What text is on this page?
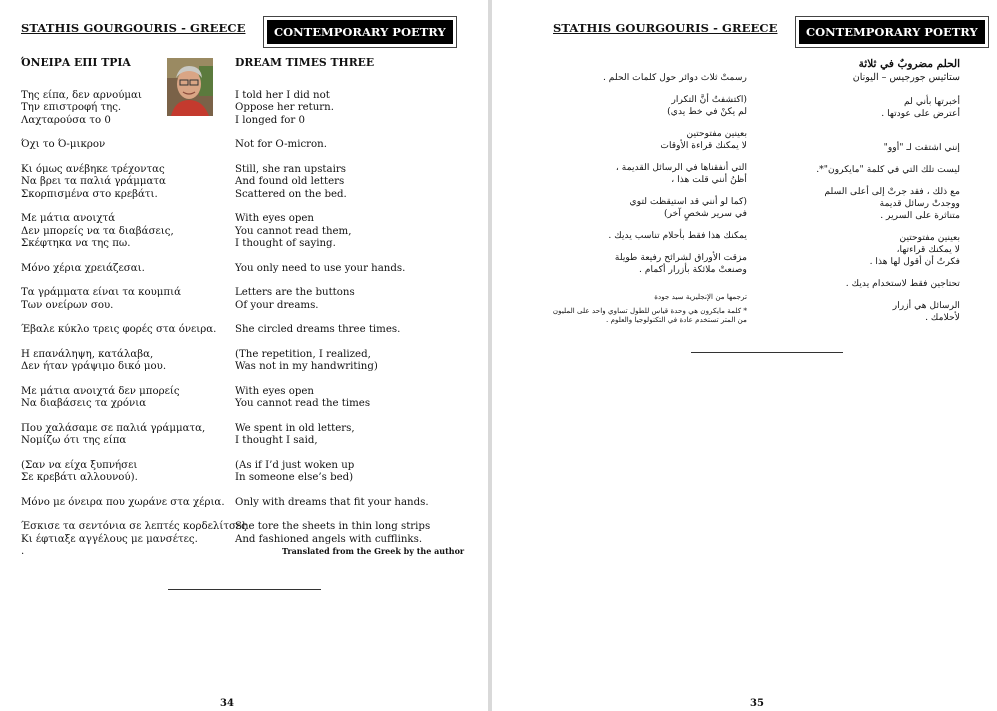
STATHIS GOURGOURIS - GREECE	CONTEMPORARY POETRY
ΌΝΕΙΡΑ ΕΠΙ ΤΡΙΑ
Της είπα, δεν αρνούμαι
Την επιστροφή της.
Λαχταρούσα το 0
Όχι το Ό-μικρον
Κι όμως ανέβηκε τρέχοντας
Να βρει τα παλιά γράμματα
Σκορπισμένα στο κρεβάτι.
Με μάτια ανοιχτά
Δεν μπορείς να τα διαβάσεις,
Σκέφτηκα να της πω.
Μόνο χέρια χρειάζεσαι.
Τα γράμματα είναι τα κουμπιά
Των ονείρων σου.
Έβαλε κύκλο τρεις φορές στα όνειρα.
Η επανάληψη, κατάλαβα,
Δεν ήταν γράψιμο δικό μου.
Με μάτια ανοιχτά δεν μπορείς
Να διαβάσεις τα χρόνια
Που χαλάσαμε σε παλιά γράμματα,
Νομίζω ότι της είπα
(Σαν να είχα ξυπνήσει
Σε κρεβάτι αλλουνού).
Μόνο με όνειρα που χωράνε στα χέρια.
Έσκισε τα σεντόνια σε λεπτές κορδελίτσες
Κι έφτιαξε αγγέλους με μανσέτες.
.
DREAM TIMES THREE
I told her I did not
Oppose her return.
I longed for 0
Not for O-micron.
Still, she ran upstairs
And found old letters
Scattered on the bed.
With eyes open
You cannot read them,
I thought of saying.
You only need to use your hands.
Letters are the buttons
Of your dreams.
She circled dreams three times.
(The repetition, I realized,
Was not in my handwriting)
With eyes open
You cannot read the times
We spent in old letters,
I thought I said,
(As if I’d just woken up
In someone else’s bed)
Only with dreams that fit your hands.
She tore the sheets in thin long strips
And fashioned angels with cufflinks.
Translated from the Greek by the author
34
STATHIS GOURGOURIS - GREECE	CONTEMPORARY POETRY
الحلم مضروبٌ في ثلاثة
ستاثيس جورجيس – اليونان
أخبرتها بأني لم
أعترض على عودتها .

إنني اشتقت لـ "أوو"
ليست تلك التي في كلمة "مايكرون"*.
مع ذلك ، فقد جرتْ إلى أعلى السلم
ووجدتْ رسائل قديمة
متناثرة على السرير .
بعينين مفتوحتين
لا يمكنك قراءتها،
فكرتُ أن أقول لها هذا .
تحتاجين فقط لاستخدام يديك .
الرسائل هي أزرار
لأحلامك .
رسمتْ ثلاث دوائر حول كلمات الحلم .
(اكتشفتُ أنَّ التكرار
لم يكنْ في خط يدي)
بعينين مفتوحتين
لا يمكنك قراءة الأوقات
التي أنفقناها في الرسائل القديمة ،
أظنُ أنني قلت هذا ،
(كما لو أنني قد استيقظت لتوي
في سرير شخصٍ آخر)
يمكنك هذا فقط بأحلام تناسب يديك .
مزقت الأوراق لشرائح رفيعة طويلة
وصنعتْ ملائكة بأزرار أكمام .
ترجمها من الإنجليزية سيد جودة
* كلمة مايكرون هي وحدة قياس للطول تساوي واحد على المليون من المتر تستخدم عادة في التكنولوجيا والعلوم .
35
